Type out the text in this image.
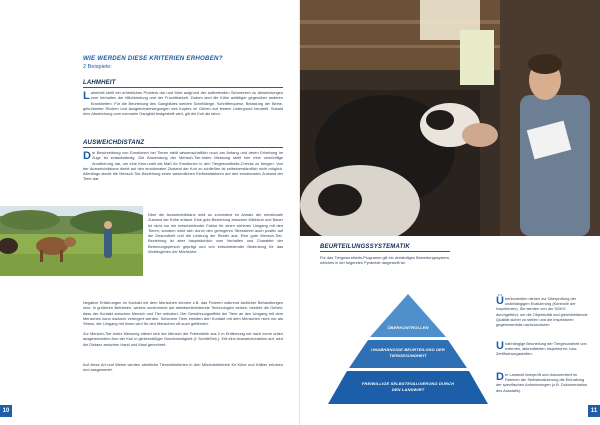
WIE WERDEN DIESE KRITERIEN ERHOBEN?
2 Beispiele:
LAHMHEIT
Lahmheit stellt ein erhebliches Problem dar und führt aufgrund der auftretenden Schmerzen zu Abweichungen vom Verhalten der Milchleistung und der Fruchtbarkeit. Zudem sind die Kühe anfälliger gegenüber anderen Krankheiten. Für die Beurteilung des Gangbildes werden Schrittlänge, Schrittfrequenz, Belastung der Beine, gekrümmter Rücken und Ausgleichsbewegungen des Kopfes im Gehen auf festem Untergrund beurteilt. Sobald eine Abweichung vom normalen Gangbild festgestellt wird, gilt die Kuh als lahm.
AUSWEICHDISTANZ
Die Beschreibung von Emotionen bei Tieren stellt wissenschaftlich noch am Anfang und deren Erhebung im Zuge ist zeitaufwändig. Die Anwendung der Mensch-Tier-Index Messung stellt hier eine vernünftige Annäherung dar, um eine Kenn-zahl als Maß für Emotionen in den Tiergesundheits-Checks zu bringen. Von der Ausweichdistanz direkt auf den emotionalen Zustand der Kuh zu schließen ist selbstverständlich nicht möglich. Allerdings steckt die Mensch-Tier-Beziehung einen wesentlichen Einflussfaktoren auf den emotionalen Zustand der Tiere dar.
Über die Ausweichdistanz wird so zumindest im Ansatz der emotionale Zustand der Kühe erfasst. Eine gute Beziehung zwischen Milchkuh und Bauer ist nicht nur ein entscheidender Faktor für einen sicheren Umgang mit den Tieren, sondern wirkt sich durch den geringeren Stresslevel auch positiv auf die Gesundheit und die Leistung der Rinder aus. Eine gute Mensch-Tier-Beziehung ist aber hauptsächlich vom Verhalten und Charakter der Betreuungsperson geprägt und von entscheidender Bedeutung für das Wohlergehen der Milchkühe.
Negative Erfahrungen im Kontakt mit dem Menschen können z.B. das Fixieren während ärztlicher Behandlungen sein. In größeren Betrieben, welche zunehmend auf arbeitserleichternde Technologien setzen, besteht die Gefahr, dass der Kontakt zwischen Mensch und Tier reduziert. Der Gewöhnungseffekt der Tiere an den Umgang mit dem Menschen kann dadurch verringert werden. Scheuere Tiere erleiden den Kontakt mit dem Menschen nicht nur als Stress, der Umgang mit ihnen wird für den Menschen oft auch gefährlich.
Zur Mensch-Tier-Index Messung nähert sich der Mensch der Futterstelle aus 2 m Entfernung mit nach vorne unten ausgestrecktem Arm der Kuh in gleichmäßiger Geschwindigkeit (1 Schritt/Sek.). Ertl eine Ausweichreaktion auf, wird die Distanz zwischen Hand und Maul gerechnet.
Auf diese Art und Weise werden sämtliche Tierwohlkriterien in den Milchviehbetrieb für Kühe und Kälber erhoben und ausgewertet.
10
BEURTEILUNGSSYSTEMATIK
Für das Tiergesundheits-Programm gilt ein dreistufiges Bewertungssystem, welches in der folgenden Pyramide dargestellt ist:
ÜBERKONTROLLEN
UNABHÄNGIGE BEURTEILUNG DER TIERGESUNDHEIT
FREIWILLIGE SELBSTEVALUIERUNG DURCH DEN LANDWIRT
Überkontrollen dienen zur Überprüfung der unabhängigen Evaluierung (Kontrolle der Inspektoren). Sie werden von der SGKG durchgeführt, um die Objektivität und gleichbleibende Qualität sicher zu stellen und die Inspektoren gegebenenfalls nachzuschulen.
Unabhängige Beurteilung der Tiergesundheit von externen, akkreditierten Inspektoren- bzw. Zertifizierungsstellen.
Der Landwirt überprüft und dokumentiert im Rahmen der Selbstevaluierung die Einhaltung der spezifischen Anforderungen (z.B. Dokumentation des Ausstalls).
11
